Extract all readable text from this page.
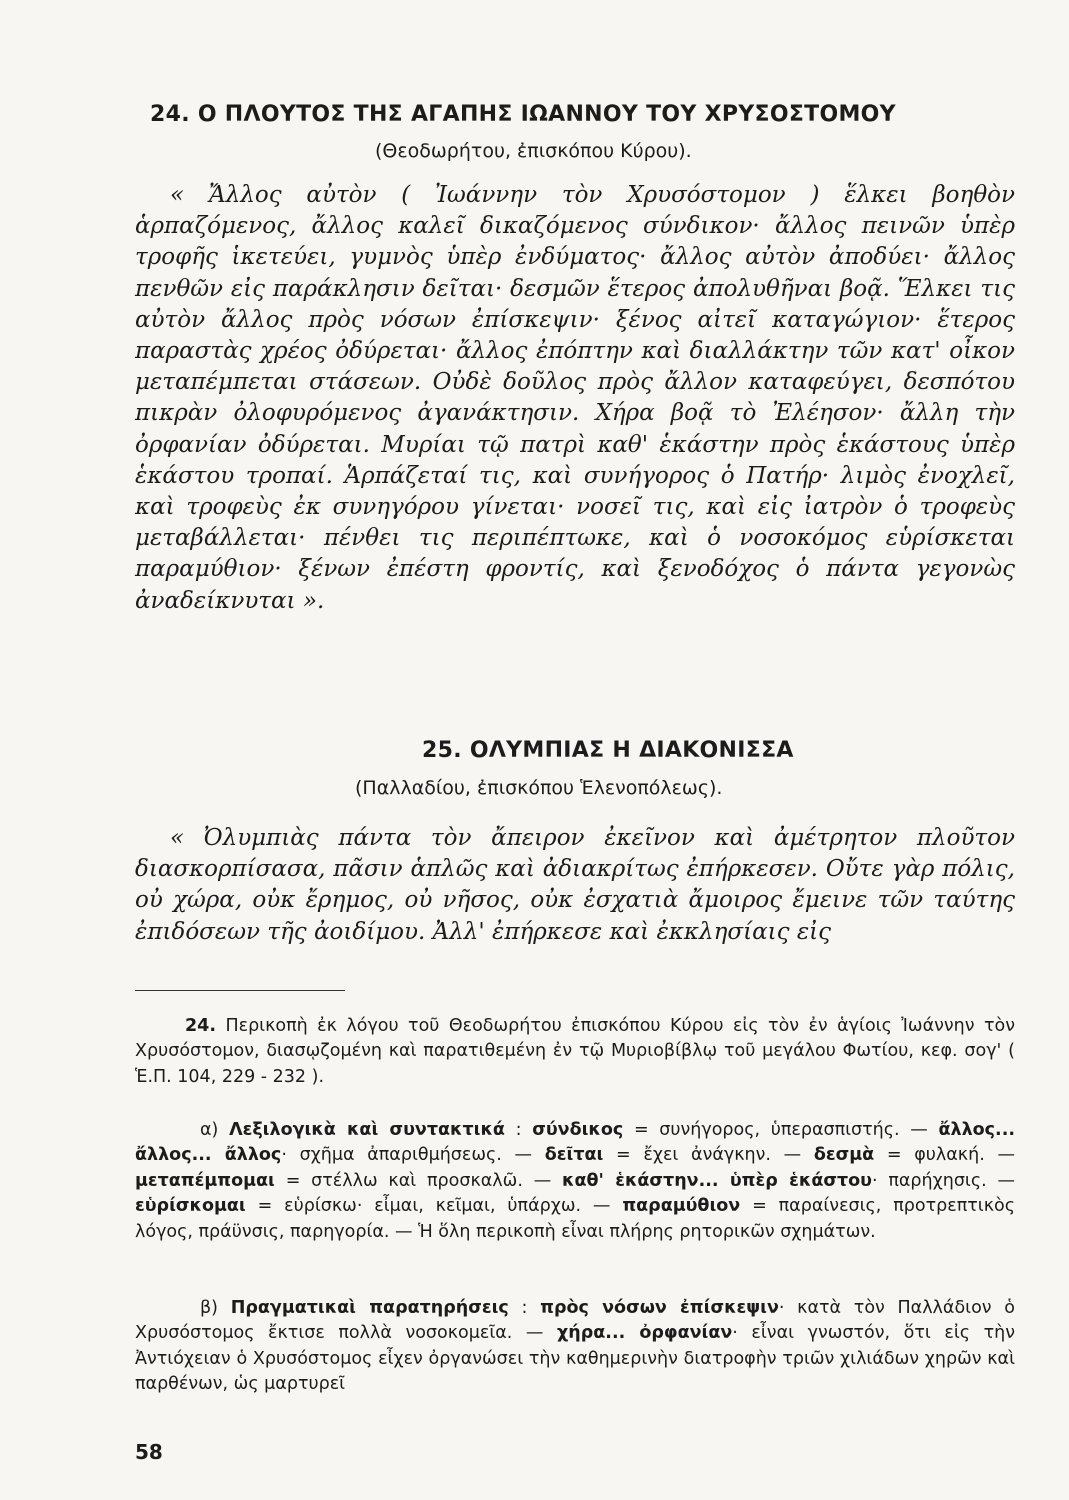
24. Ο ΠΛΟΥΤΟΣ ΤΗΣ ΑΓΑΠΗΣ ΙΩΑΝΝΟΥ ΤΟΥ ΧΡΥΣΟΣΤΟΜΟΥ
(Θεοδωρήτου, ἐπισκόπου Κύρου).

« Ἄλλος αὐτὸν ( Ἰωάννην τὸν Χρυσόστομον ) ἕλκει βοηθὸν ἁρπαζόμενος, ἄλλος καλεῖ δικαζόμενος σύνδικον· ἄλλος πεινῶν ὑπὲρ τροφῆς ἱκετεύει, γυμνὸς ὑπὲρ ἐνδύματος· ἄλλος αὐτὸν ἀποδύει· ἄλλος πενθῶν εἰς παράκλησιν δεῖται· δεσμῶν ἕτερος ἀπολυθῆναι βοᾷ. Ἕλκει τις αὐτὸν ἄλλος πρὸς νόσων ἐπίσκεψιν· ξένος αἰτεῖ καταγώγιον· ἕτερος παραστὰς χρέος ὀδύρεται· ἄλλος ἐπόπτην καὶ διαλλάκτην τῶν κατ' οἶκον μεταπέμπεται στάσεων. Οὐδὲ δοῦλος πρὸς ἄλλον καταφεύγει, δεσπότου πικρὰν ὀλοφυρόμενος ἀγανάκτησιν. Χήρα βοᾷ τὸ Ἐλέησον· ἄλλη τὴν ὀρφανίαν ὀδύρεται. Μυρίαι τῷ πατρὶ καθ' ἑκάστην πρὸς ἑκάστους ὑπὲρ ἑκάστου τροπαί. Ἁρπάζεταί τις, καὶ συνήγορος ὁ Πατήρ· λιμὸς ἐνοχλεῖ, καὶ τροφεὺς ἐκ συνηγόρου γίνεται· νοσεῖ τις, καὶ εἰς ἰατρὸν ὁ τροφεὺς μεταβάλλεται· πένθει τις περιπέπτωκε, καὶ ὁ νοσοκόμος εὑρίσκεται παραμύθιον· ξένων ἐπέστη φροντίς, καὶ ξενοδόχος ὁ πάντα γεγονὼς ἀναδείκνυται ».

25. ΟΛΥΜΠΙΑΣ Η ΔΙΑΚΟΝΙΣΣΑ
(Παλλαδίου, ἐπισκόπου Ἑλενοπόλεως).

« Ὀλυμπιὰς πάντα τὸν ἄπειρον ἐκεῖνον καὶ ἀμέτρητον πλοῦτον διασκορπίσασα, πᾶσιν ἁπλῶς καὶ ἀδιακρίτως ἐπήρκεσεν. Οὔτε γὰρ πόλις, οὐ χώρα, οὐκ ἔρημος, οὐ νῆσος, οὐκ ἐσχατιὰ ἄμοιρος ἔμεινε τῶν ταύτης ἐπιδόσεων τῆς ἀοιδίμου. Ἀλλ' ἐπήρκεσε καὶ ἐκκλησίαις εἰς

24. Περικοπὴ ἐκ λόγου τοῦ Θεοδωρήτου ἐπισκόπου Κύρου εἰς τὸν ἐν ἁγίοις Ἰωάννην τὸν Χρυσόστομον, διασῳζομένη καὶ παρατιθεμένη ἐν τῷ Μυριοβίβλῳ τοῦ μεγάλου Φωτίου, κεφ. σογ' ( Ἑ.Π. 104, 229 - 232 ).

α) Λεξιλογικὰ καὶ συντακτικά : σύνδικος = συνήγορος, ὑπερασπιστής. — ἄλλος... ἄλλος... ἄλλος· σχῆμα ἀπαριθμήσεως. — δεῖται = ἔχει ἀνάγκην. — δεσμὰ = φυλακή. — μεταπέμπομαι = στέλλω καὶ προσκαλῶ. — καθ' ἑκάστην... ὑπὲρ ἑκάστου· παρήχησις. — εὑρίσκομαι = εὑρίσκω· εἶμαι, κεῖμαι, ὑπάρχω. — παραμύθιον = παραίνεσις, προτρεπτικὸς λόγος, πράϋνσις, παρηγορία. — Ἡ ὅλη περικοπὴ εἶναι πλήρης ρητορικῶν σχημάτων.

β) Πραγματικαὶ παρατηρήσεις : πρὸς νόσων ἐπίσκεψιν· κατὰ τὸν Παλλάδιον ὁ Χρυσόστομος ἔκτισε πολλὰ νοσοκομεῖα. — χήρα... ὀρφανίαν· εἶναι γνωστόν, ὅτι εἰς τὴν Ἀντιόχειαν ὁ Χρυσόστομος εἶχεν ὀργανώσει τὴν καθημερινὴν διατροφὴν τριῶν χιλιάδων χηρῶν καὶ παρθένων, ὡς μαρτυρεῖ

58
